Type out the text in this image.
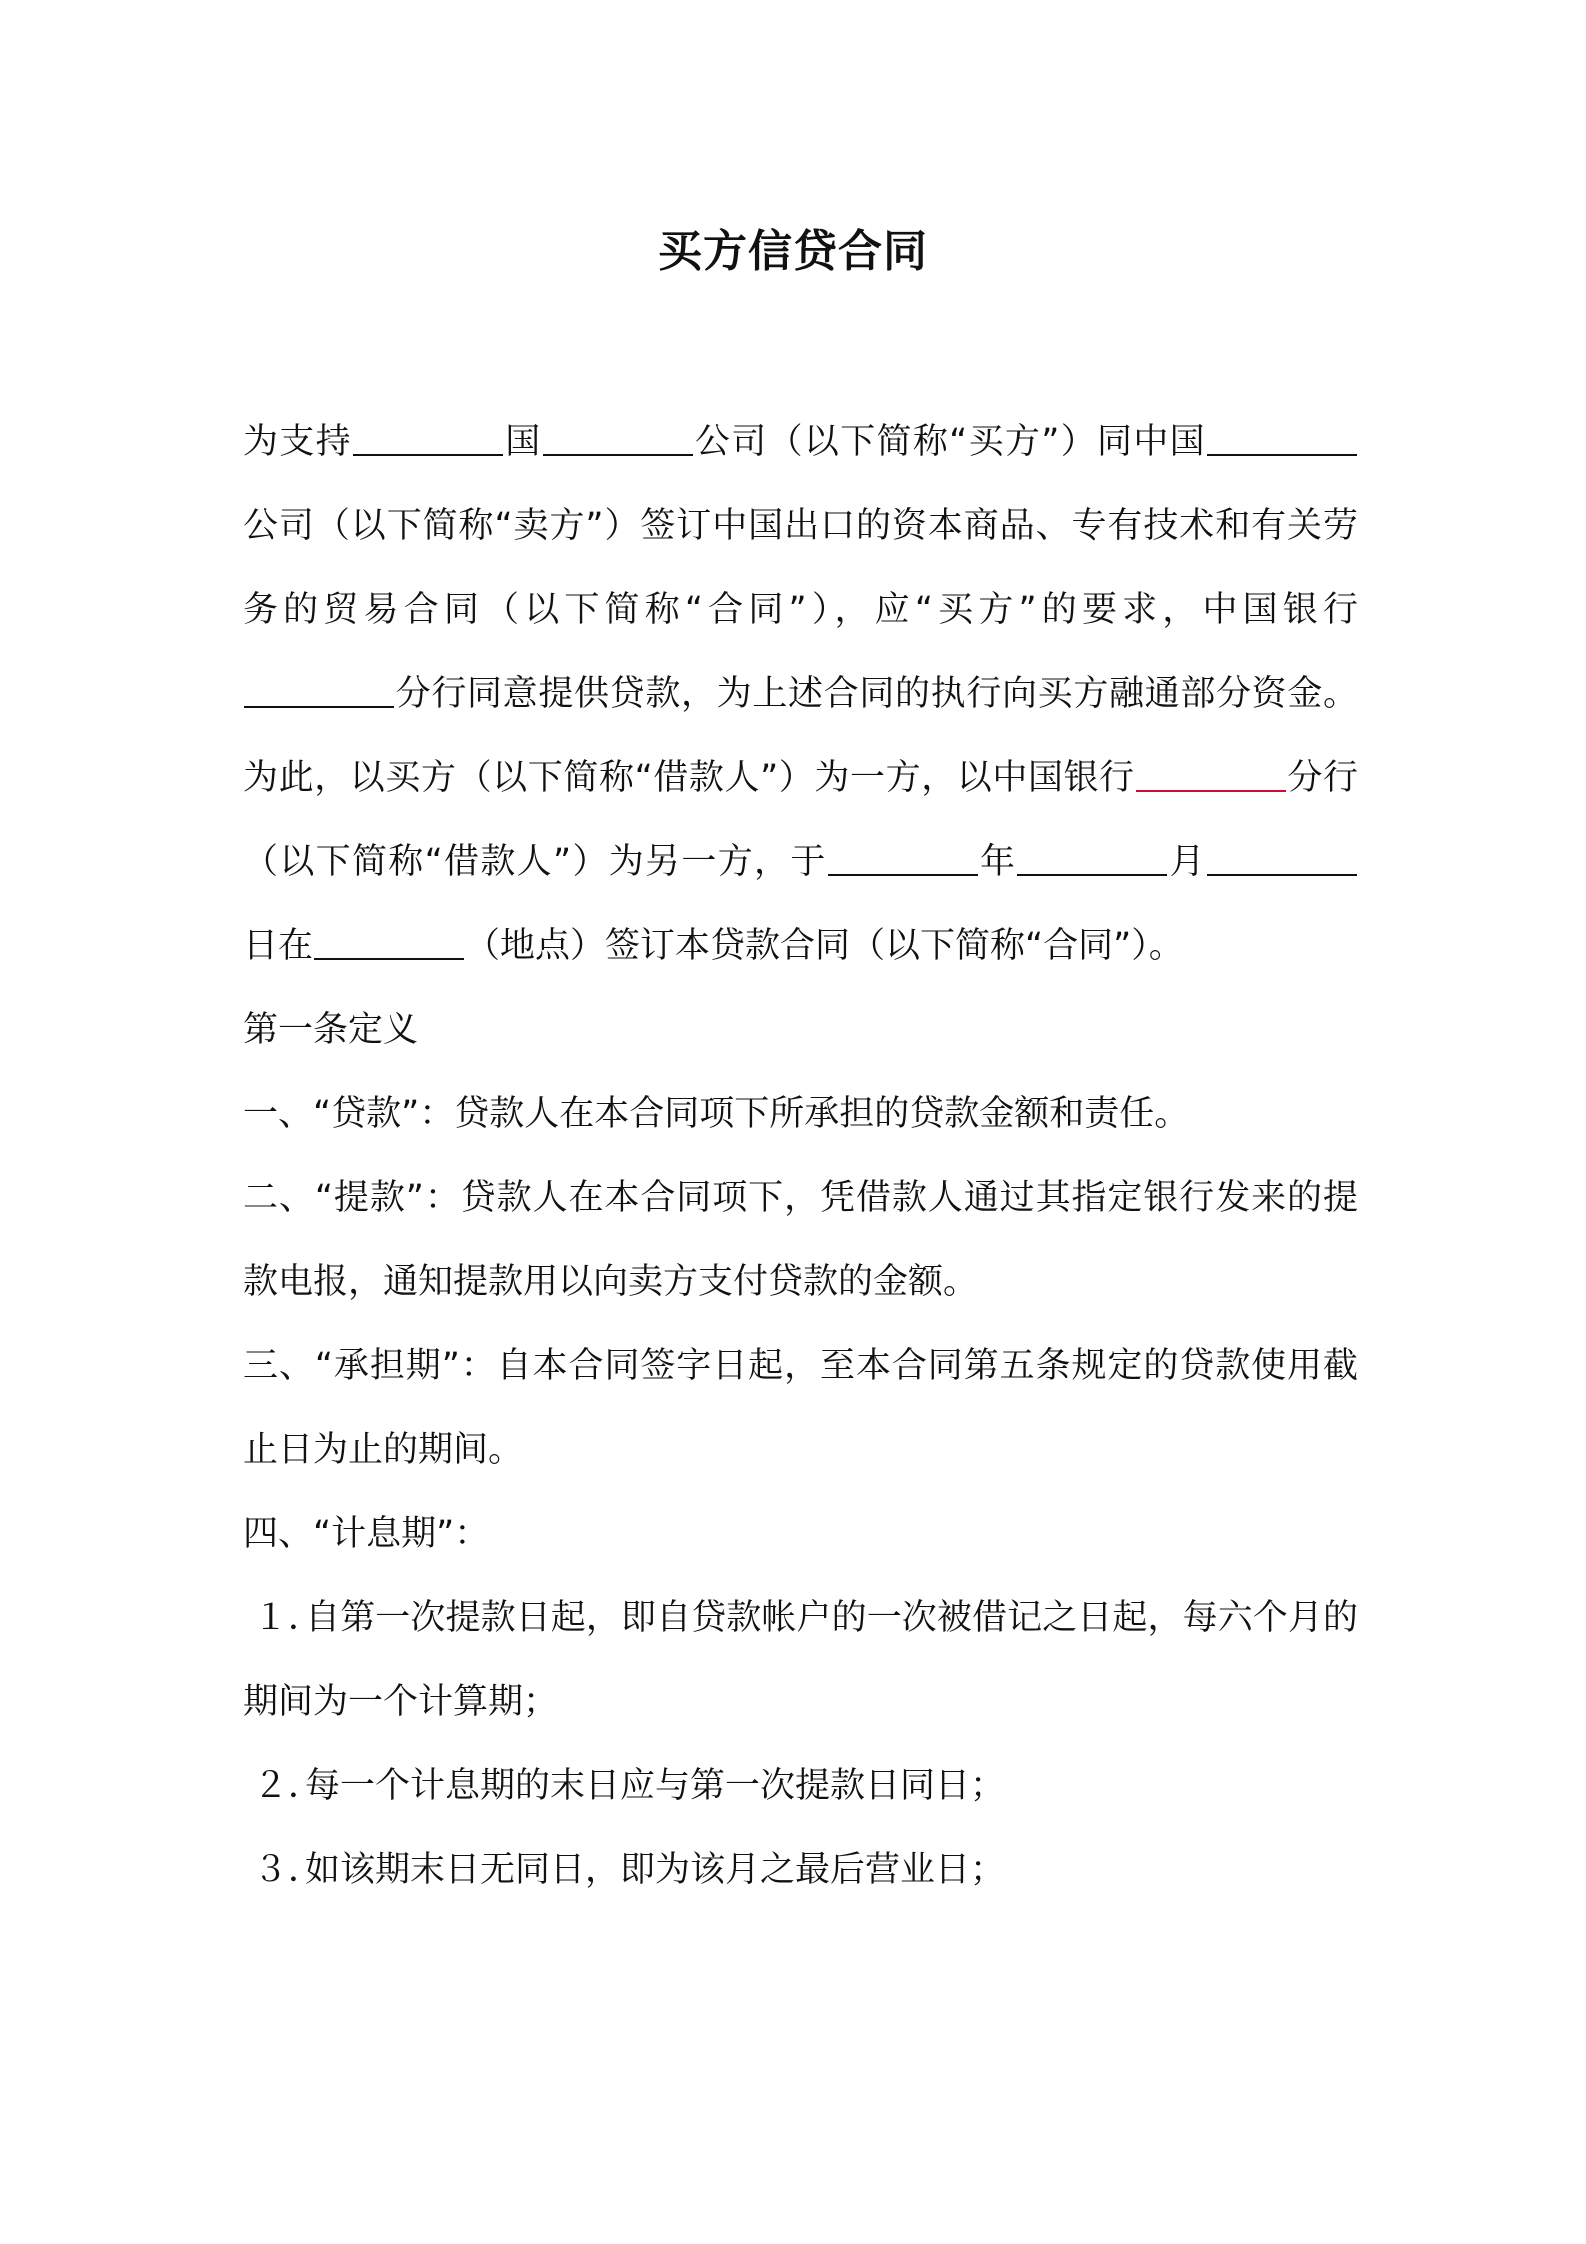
买方信贷合同

为支持	国	公司（以下简称“买方”）同中国公司（以下简称“卖方”）签订中国出口的资本商品、专有技术和有关劳务的贸易合同（以下简称“合同”），应“买方”的要求，中国银行分行同意提供贷款，为上述合同的执行向买方融通部分资金。为此，以买方（以下简称“借款人”）为一方，以中国银行	分行（以下简称“借款人”）为另一方，于	年	月日在	（地点）签订本贷款合同（以下简称“合同”）。

第一条定义

一、“贷款”：贷款人在本合同项下所承担的贷款金额和责任。

二、“提款”：贷款人在本合同项下，凭借款人通过其指定银行发来的提款电报，通知提款用以向卖方支付贷款的金额。

三、“承担期”：自本合同签字日起，至本合同第五条规定的贷款使用截止日为止的期间。

四、“计息期”：

１．自第一次提款日起，即自贷款帐户的一次被借记之日起，每六个月的期间为一个计算期；

２．每一个计息期的末日应与第一次提款日同日；

３．如该期末日无同日，即为该月之最后营业日；
